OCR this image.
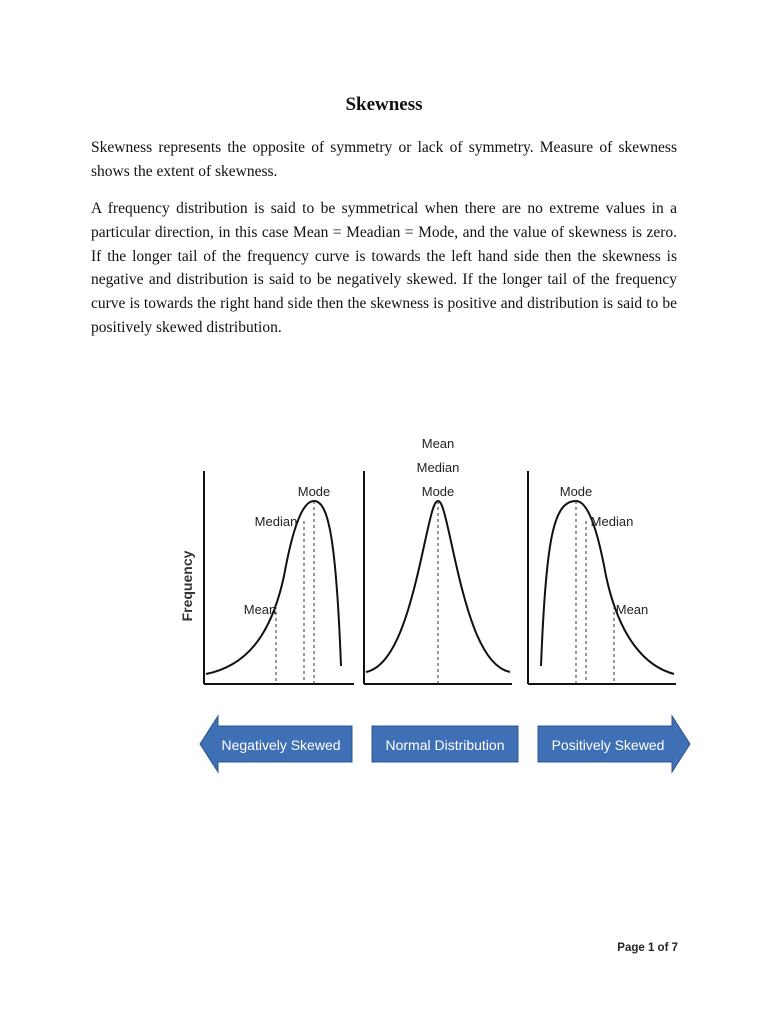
Skewness

Skewness represents the opposite of symmetry or lack of symmetry. Measure of skewness shows the extent of skewness.

A frequency distribution is said to be symmetrical when there are no extreme values in a particular direction, in this case Mean = Meadian = Mode, and the value of skewness is zero. If the longer tail of the frequency curve is towards the left hand side then the skewness is negative and distribution is said to be negatively skewed. If the longer tail of the frequency curve is towards the right hand side then the skewness is positive and distribution is said to be positively skewed distribution.

Frequency
Mode
Median
Mean
Mean
Median
Mode	Mode
Median
Mean
Negatively Skewed	Normal Distribution	Positively Skewed
Page 1 of 7
